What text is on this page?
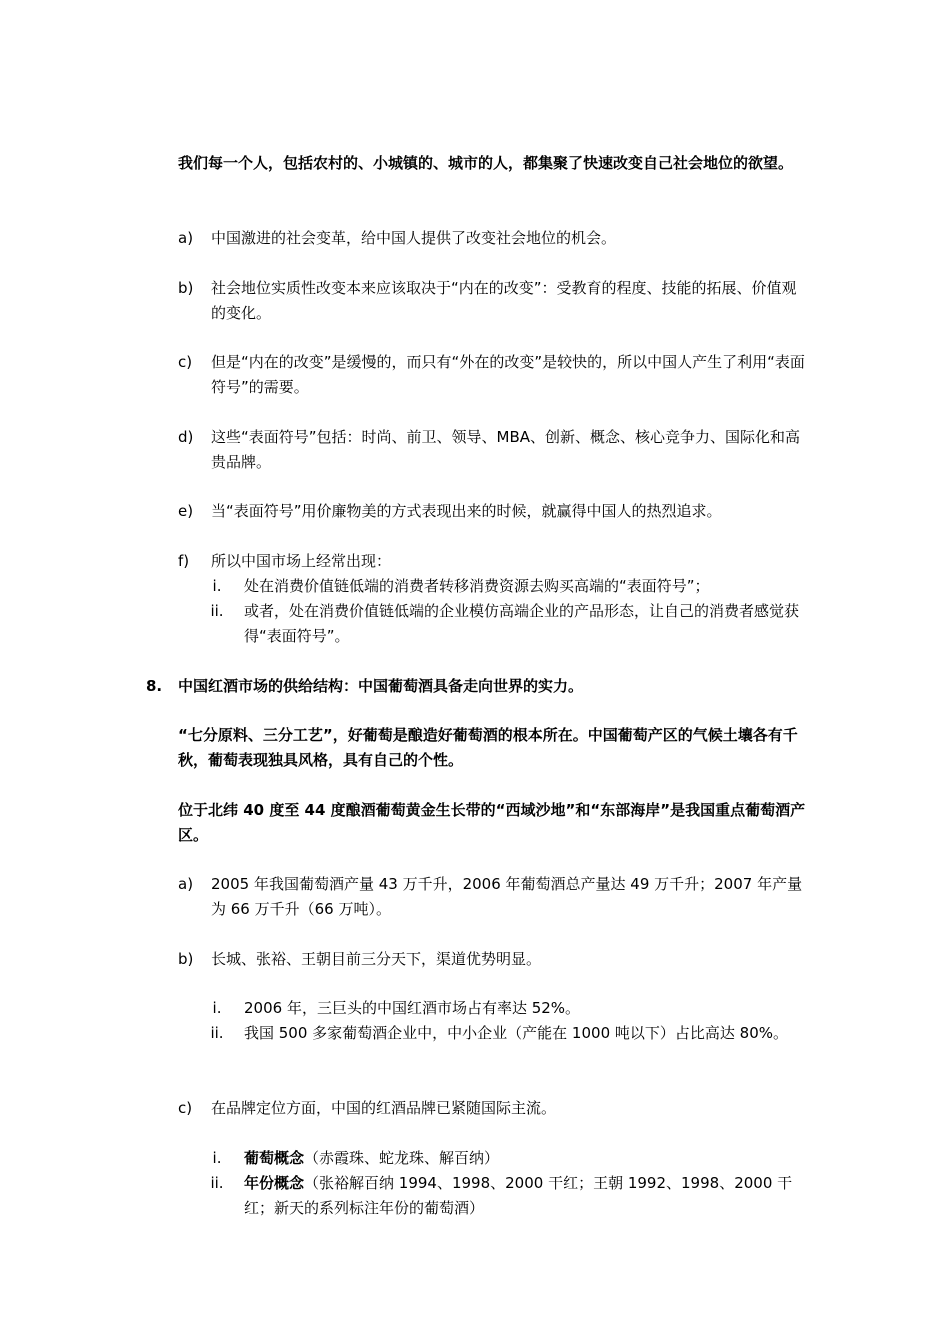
我们每一个人，包括农村的、小城镇的、城市的人，都集聚了快速改变自己社会地位的欲望。

a)	中国激进的社会变革，给中国人提供了改变社会地位的机会。
b)	社会地位实质性改变本来应该取决于“内在的改变”：受教育的程度、技能的拓展、价值观的变化。
c)	但是“内在的改变”是缓慢的，而只有“外在的改变”是较快的，所以中国人产生了利用“表面符号”的需要。
d)	这些“表面符号”包括：时尚、前卫、领导、MBA、创新、概念、核心竞争力、国际化和高贵品牌。
e)	当“表面符号”用价廉物美的方式表现出来的时候，就赢得中国人的热烈追求。
f)	所以中国市场上经常出现：
i.	处在消费价值链低端的消费者转移消费资源去购买高端的“表面符号”；
ii.	或者，处在消费价值链低端的企业模仿高端企业的产品形态，让自己的消费者感觉获得“表面符号”。
8. 中国红酒市场的供给结构：中国葡萄酒具备走向世界的实力。

“七分原料、三分工艺”，好葡萄是酿造好葡萄酒的根本所在。中国葡萄产区的气候土壤各有千秋，葡萄表现独具风格，具有自己的个性。

位于北纬 40 度至 44 度酿酒葡萄黄金生长带的“西域沙地”和“东部海岸”是我国重点葡萄酒产区。

a)	2005 年我国葡萄酒产量 43 万千升，2006 年葡萄酒总产量达 49 万千升；2007 年产量为 66 万千升（66 万吨）。
b)	长城、张裕、王朝目前三分天下，渠道优势明显。
i.	2006 年，三巨头的中国红酒市场占有率达 52%。
ii.	我国 500 多家葡萄酒企业中，中小企业（产能在 1000 吨以下）占比高达 80%。
c)	在品牌定位方面，中国的红酒品牌已紧随国际主流。
i.	葡萄概念（赤霞珠、蛇龙珠、解百纳）
ii.	年份概念（张裕解百纳 1994、1998、2000 干红；王朝 1992、1998、2000 干红；新天的系列标注年份的葡萄酒）
